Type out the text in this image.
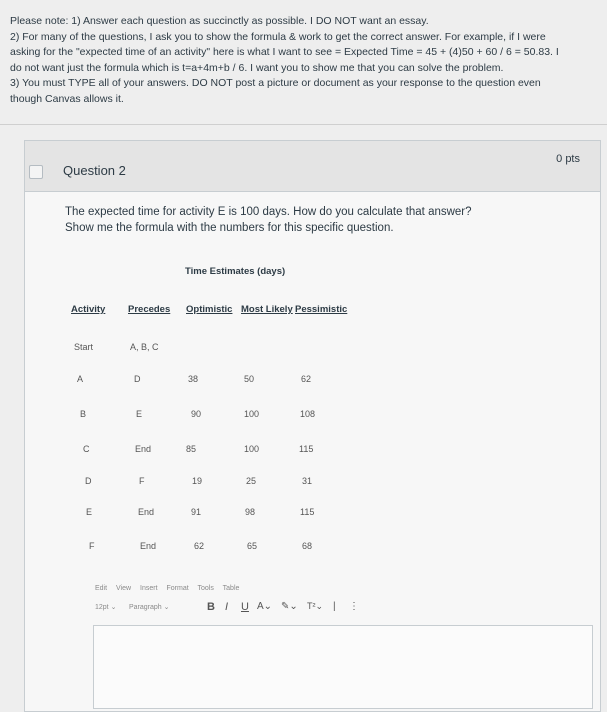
Please note: 1) Answer each question as succinctly as possible. I DO NOT want an essay.
2) For many of the questions, I ask you to show the formula & work to get the correct answer. For example, if I were
asking for the "expected time of an activity" here is what I want to see = Expected Time = 45 + (4)50 + 60 / 6 = 50.83. I
do not want just the formula which is t=a+4m+b / 6. I want you to show me that you can solve the problem.
3) You must TYPE all of your answers. DO NOT post a picture or document as your response to the question even
though Canvas allows it.
Question 2
0 pts
The expected time for activity E is 100 days. How do you calculate that answer?
Show me the formula with the numbers for this specific question.
Time Estimates (days)
Activity Precedes Optimistic Most Likely Pessimistic
Start	A, B, C
A	D	38	50	62
B	E	90	100	108
C	End	85	100	115
D	F	19	25	31
E	End	91	98	115
F	End	62	65	68
Edit View Insert Format Tools Table
12pt ⌄ Paragraph ⌄	B I U A⌄ ✎⌄ T²⌄ | ⋮
